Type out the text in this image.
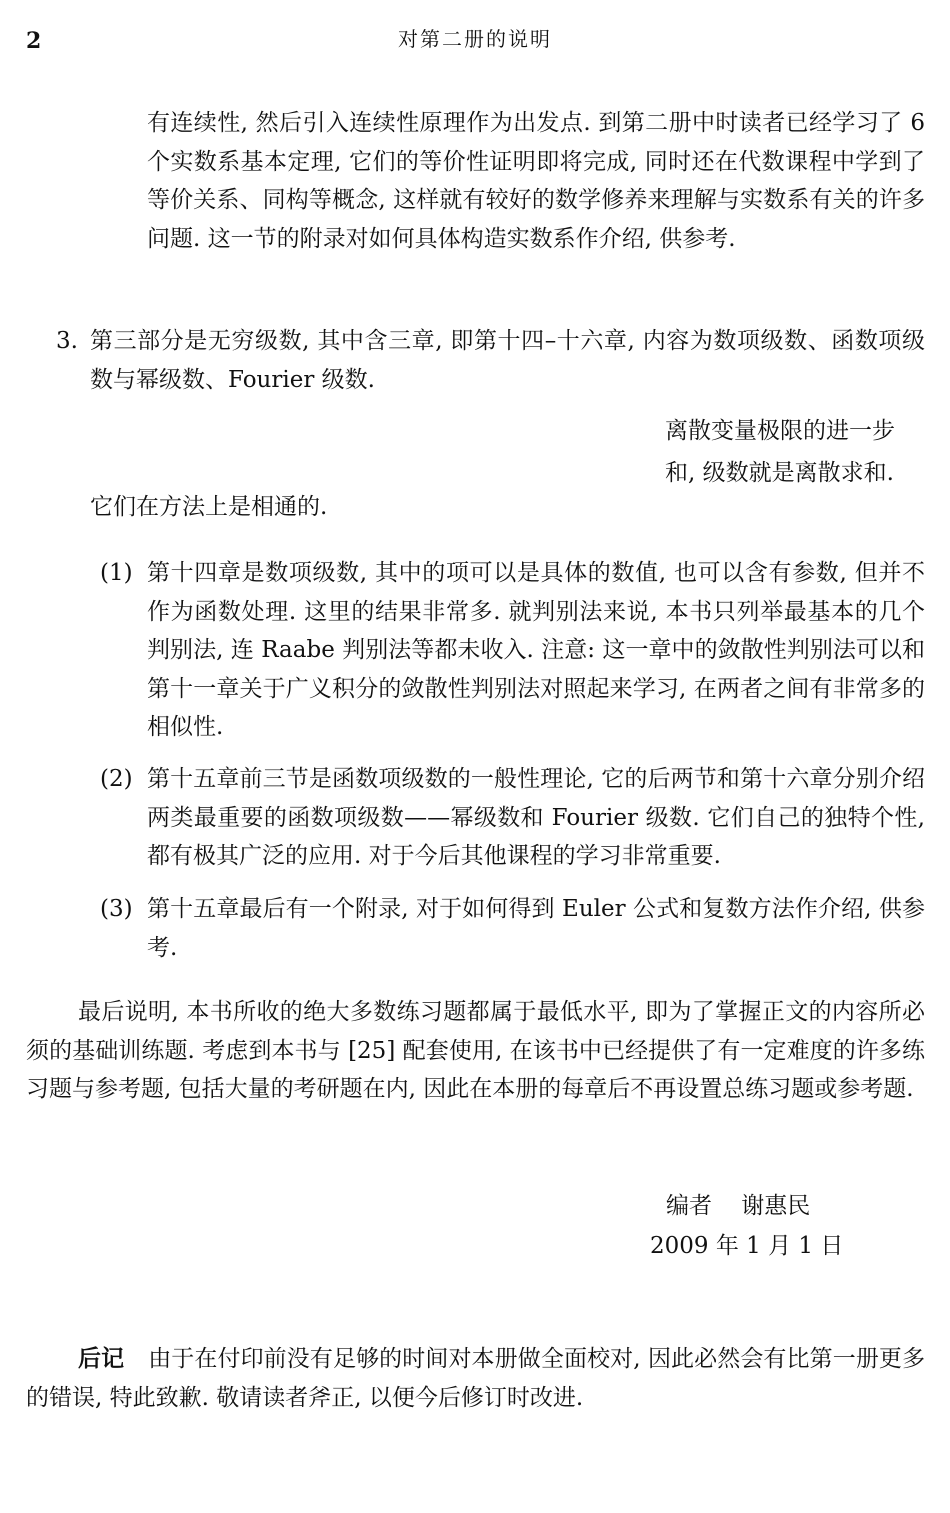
2	对第二册的说明
有连续性, 然后引入连续性原理作为出发点. 到第二册中时读者已经学习了 6 个实数系基本定理, 它们的等价性证明即将完成, 同时还在代数课程中学到了等价关系、同构等概念, 这样就有较好的数学修养来理解与实数系有关的许多问题. 这一节的附录对如何具体构造实数系作介绍, 供参考.
3. 第三部分是无穷级数, 其中含三章, 即第十四–十六章, 内容为数项级数、函数项级数与幂级数、Fourier 级数.
离散变量极限的进一步
和, 级数就是离散求和.
它们在方法上是相通的.
(1) 第十四章是数项级数, 其中的项可以是具体的数值, 也可以含有参数, 但并不作为函数处理. 这里的结果非常多. 就判别法来说, 本书只列举最基本的几个判别法, 连 Raabe 判别法等都未收入. 注意: 这一章中的敛散性判别法可以和第十一章关于广义积分的敛散性判别法对照起来学习, 在两者之间有非常多的相似性.
(2) 第十五章前三节是函数项级数的一般性理论, 它的后两节和第十六章分别介绍两类最重要的函数项级数——幂级数和 Fourier 级数. 它们自己的独特个性, 都有极其广泛的应用. 对于今后其他课程的学习非常重要.
(3) 第十五章最后有一个附录, 对于如何得到 Euler 公式和复数方法作介绍, 供参考.
最后说明, 本书所收的绝大多数练习题都属于最低水平, 即为了掌握正文的内容所必须的基础训练题. 考虑到本书与 [25] 配套使用, 在该书中已经提供了有一定难度的许多练习题与参考题, 包括大量的考研题在内, 因此在本册的每章后不再设置总练习题或参考题.
编者    谢惠民
2009 年 1 月 1 日
后记 由于在付印前没有足够的时间对本册做全面校对, 因此必然会有比第一册更多的错误, 特此致歉. 敬请读者斧正, 以便今后修订时改进.
